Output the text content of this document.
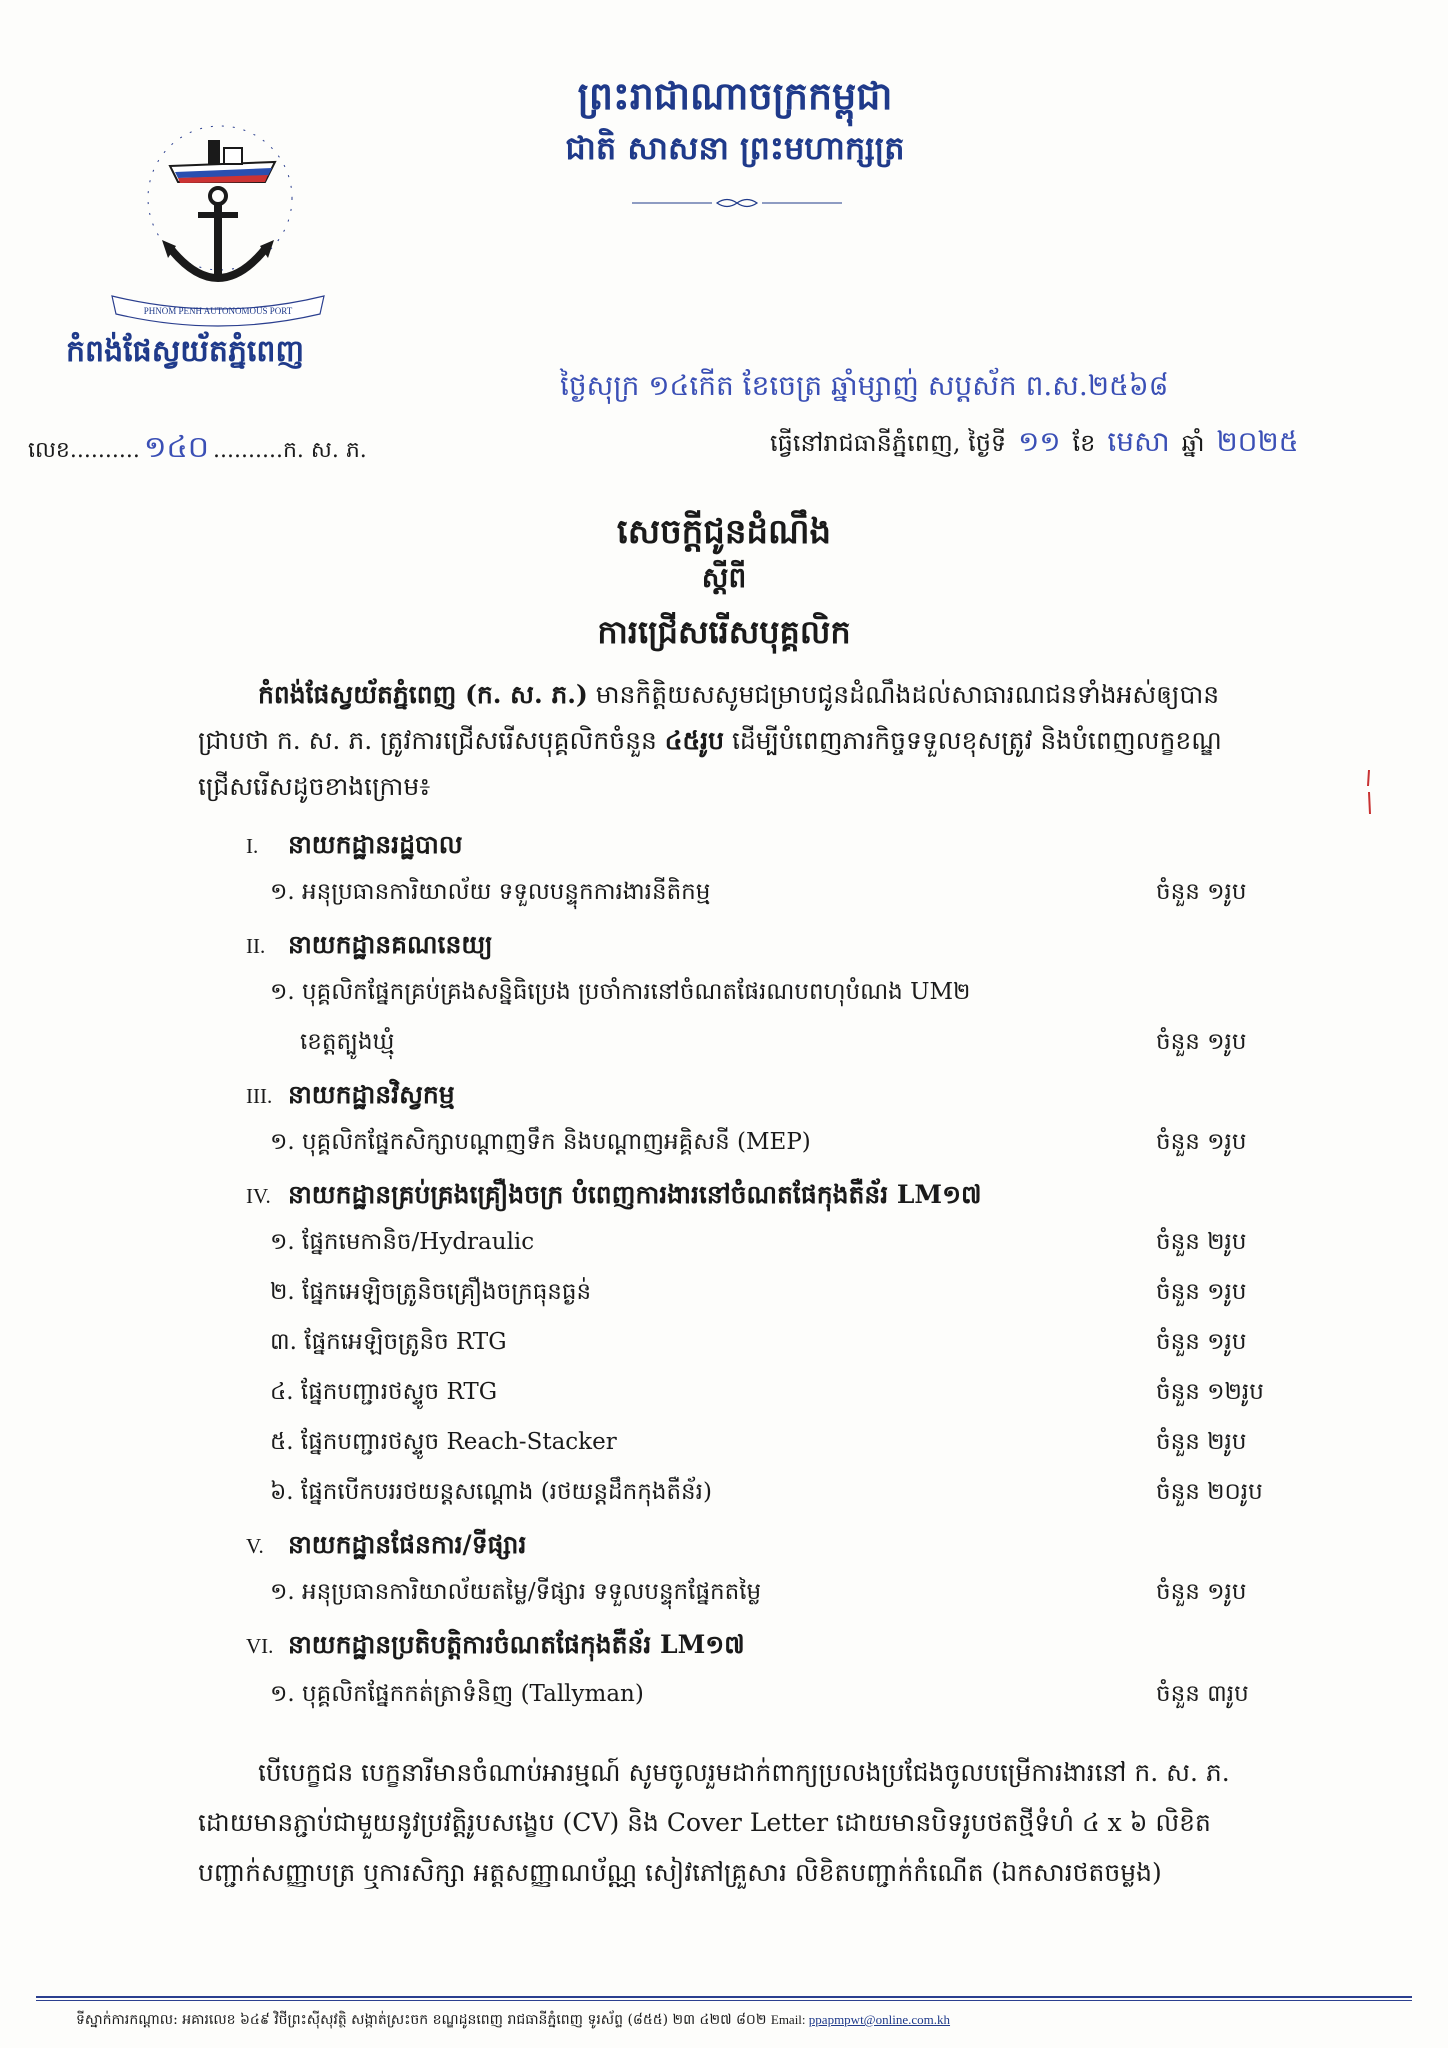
ព្រះរាជាណាចក្រកម្ពុជា
ជាតិ សាសនា ព្រះមហាក្សត្រ
PHNOM PENH AUTONOMOUS PORT
កំពង់ផែស្វយ័តភ្នំពេញ
លេខ.......... ១៤០ ..........ក. ស. ភ.
ថ្ងៃសុក្រ ១៤កើត ខែចេត្រ ឆ្នាំម្សាញ់ សប្តស័ក ព.ស.២៥៦៨
ធ្វើនៅរាជធានីភ្នំពេញ, ថ្ងៃទី ១១ ខែ មេសា ឆ្នាំ ២០២៥
សេចក្តីជូនដំណឹង
ស្តីពី
ការជ្រើសរើសបុគ្គលិក
កំពង់ផែស្វយ័តភ្នំពេញ (ក. ស. ភ.) មានកិត្តិយសសូមជម្រាបជូនដំណឹងដល់សាធារណជនទាំងអស់ឲ្យបាន
ជ្រាបថា ក. ស. ភ. ត្រូវការជ្រើសរើសបុគ្គលិកចំនួន ៤៥រូប ដើម្បីបំពេញភារកិច្ចទទួលខុសត្រូវ និងបំពេញលក្ខខណ្ឌ
ជ្រើសរើសដូចខាងក្រោម៖
I. នាយកដ្ឋានរដ្ឋបាល
១. អនុប្រធានការិយាល័យ ទទួលបន្ទុកការងារនីតិកម្ម	ចំនួន ១រូប
II. នាយកដ្ឋានគណនេយ្យ
១. បុគ្គលិកផ្នែកគ្រប់គ្រងសន្និធិប្រេង ប្រចាំការនៅចំណតផែរណបពហុបំណង UM២
ខេត្តត្បូងឃ្មុំ	ចំនួន ១រូប
III. នាយកដ្ឋានវិស្វកម្ម
១. បុគ្គលិកផ្នែកសិក្សាបណ្តាញទឹក និងបណ្តាញអគ្គិសនី (MEP)	ចំនួន ១រូប
IV. នាយកដ្ឋានគ្រប់គ្រងគ្រឿងចក្រ បំពេញការងារនៅចំណតផែកុងតឺន័រ LM១៧
១. ផ្នែកមេកានិច/Hydraulic	ចំនួន ២រូប
២. ផ្នែកអេឡិចត្រូនិចគ្រឿងចក្រធុនធ្ងន់	ចំនួន ១រូប
៣. ផ្នែកអេឡិចត្រូនិច RTG	ចំនួន ១រូប
៤. ផ្នែកបញ្ជារថស្ទូច RTG	ចំនួន ១២រូប
៥. ផ្នែកបញ្ជារថស្ទូច Reach-Stacker	ចំនួន ២រូប
៦. ផ្នែកបើកបររថយន្តសណ្តោង (រថយន្តដឹកកុងតឺន័រ)	ចំនួន ២០រូប
V. នាយកដ្ឋានផែនការ/ទីផ្សារ
១. អនុប្រធានការិយាល័យតម្លៃ/ទីផ្សារ ទទួលបន្ទុកផ្នែកតម្លៃ	ចំនួន ១រូប
VI. នាយកដ្ឋានប្រតិបត្តិការចំណតផែកុងតឺន័រ LM១៧
១. បុគ្គលិកផ្នែកកត់ត្រាទំនិញ (Tallyman)	ចំនួន ៣រូប
បើបេក្ខជន បេក្ខនារីមានចំណាប់អារម្មណ៍ សូមចូលរួមដាក់ពាក្យប្រលងប្រជែងចូលបម្រើការងារនៅ ក. ស. ភ.
ដោយមានភ្ជាប់ជាមួយនូវប្រវត្តិរូបសង្ខេប (CV) និង Cover Letter ដោយមានបិទរូបថតថ្មីទំហំ ៤ x ៦ លិខិត
បញ្ជាក់សញ្ញាបត្រ ឬការសិក្សា អត្តសញ្ញាណប័ណ្ណ សៀវភៅគ្រួសារ លិខិតបញ្ជាក់កំណើត (ឯកសារថតចម្លង)
ទីស្នាក់ការកណ្តាល: អគារលេខ ៦៤៩ វិថីព្រះស៊ីសុវត្ថិ សង្កាត់ស្រះចក ខណ្ឌដូនពេញ រាជធានីភ្នំពេញ ទូរស័ព្ទ (៨៥៥) ២៣ ៤២៧ ៨០២ Email: ppapmpwt@online.com.kh
